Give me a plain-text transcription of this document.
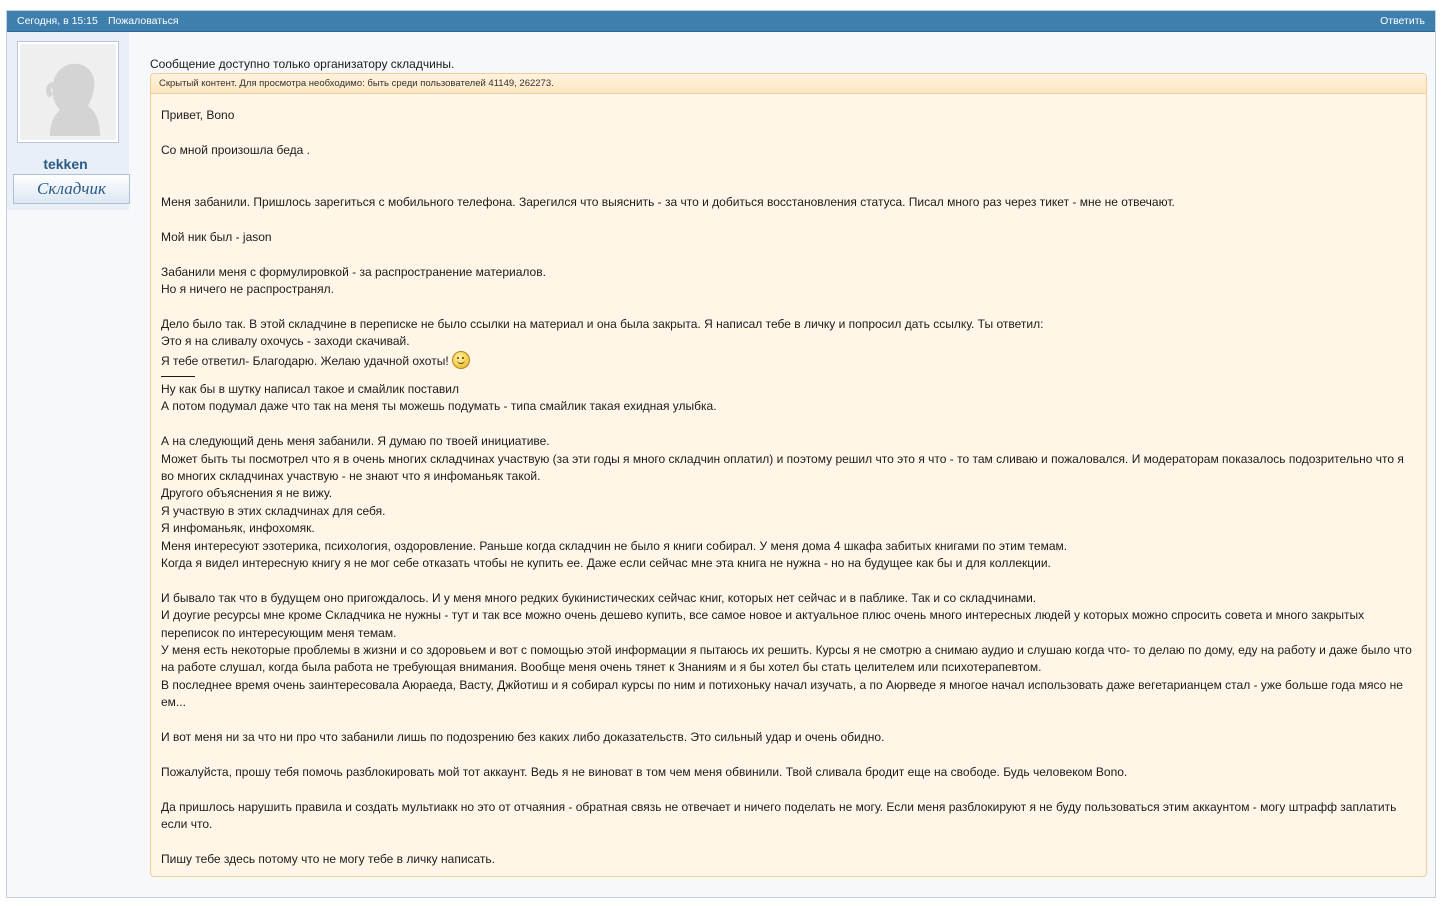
Сегодня, в 15:15 Пожаловаться	Ответить
tekken
Складчик
Сообщение доступно только организатору складчины.
Скрытый контент. Для просмотра необходимо: быть среди пользователей 41149, 262273.
Привет, Bono
Со мной произошла беда .
Меня забанили. Пришлось зарегиться с мобильного телефона. Зарегился что выяснить - за что и добиться восстановления статуса. Писал много раз через тикет - мне не отвечают.
Мой ник был - jason
Забанили меня с формулировкой - за распространение материалов.
Но я ничего не распространял.
Дело было так. В этой складчине в переписке не было ссылки на материал и она была закрыта. Я написал тебе в личку и попросил дать ссылку. Ты ответил:
Это я на сливалу охочусь - заходи скачивай.
Я тебе ответил- Благодарю. Желаю удачной охоты!
Ну как бы в шутку написал такое и смайлик поставил
А потом подумал даже что так на меня ты можешь подумать - типа смайлик такая ехидная улыбка.
А на следующий день меня забанили. Я думаю по твоей инициативе.
Может быть ты посмотрел что я в очень многих складчинах участвую (за эти годы я много складчин оплатил) и поэтому решил что это я что - то там сливаю и пожаловался. И модераторам показалось подозрительно что я во многих складчинах участвую - не знают что я инфоманьяк такой.
Другого объяснения я не вижу.
Я участвую в этих складчинах для себя.
Я инфоманьяк, инфохомяк.
Меня интересуют эзотерика, психология, оздоровление. Раньше когда складчин не было я книги собирал. У меня дома 4 шкафа забитых книгами по этим темам.
Когда я видел интересную книгу я не мог себе отказать чтобы не купить ее. Даже если сейчас мне эта книга не нужна - но на будущее как бы и для коллекции.
И бывало так что в будущем оно пригождалось. И у меня много редких букинистических сейчас книг, которых нет сейчас и в паблике. Так и со складчинами.
И доугие ресурсы мне кроме Складчика не нужны - тут и так все можно очень дешево купить, все самое новое и актуальное плюс очень много интересных людей у которых можно спросить совета и много закрытых переписок по интересующим меня темам.
У меня есть некоторые проблемы в жизни и со здоровьем и вот с помощью этой информации я пытаюсь их решить. Курсы я не смотрю а снимаю аудио и слушаю когда что- то делаю по дому, еду на работу и даже было что на работе слушал, когда была работа не требующая внимания. Вообще меня очень тянет к Знаниям и я бы хотел бы стать целителем или психотерапевтом.
В последнее время очень заинтересовала Аюраеда, Васту, Джйотиш и я собирал курсы по ним и потихоньку начал изучать, а по Аюрведе я многое начал использовать даже вегетарианцем стал - уже больше года мясо не ем...
И вот меня ни за что ни про что забанили лишь по подозрению без каких либо доказательств. Это сильный удар и очень обидно.
Пожалуйста, прошу тебя помочь разблокировать мой тот аккаунт. Ведь я не виноват в том чем меня обвинили. Твой сливала бродит еще на свободе. Будь человеком Bono.
Да пришлось нарушить правила и создать мультиакк но это от отчаяния - обратная связь не отвечает и ничего поделать не могу. Если меня разблокируют я не буду пользоваться этим аккаунтом - могу штрафф заплатить если что.
Пишу тебе здесь потому что не могу тебе в личку написать.
